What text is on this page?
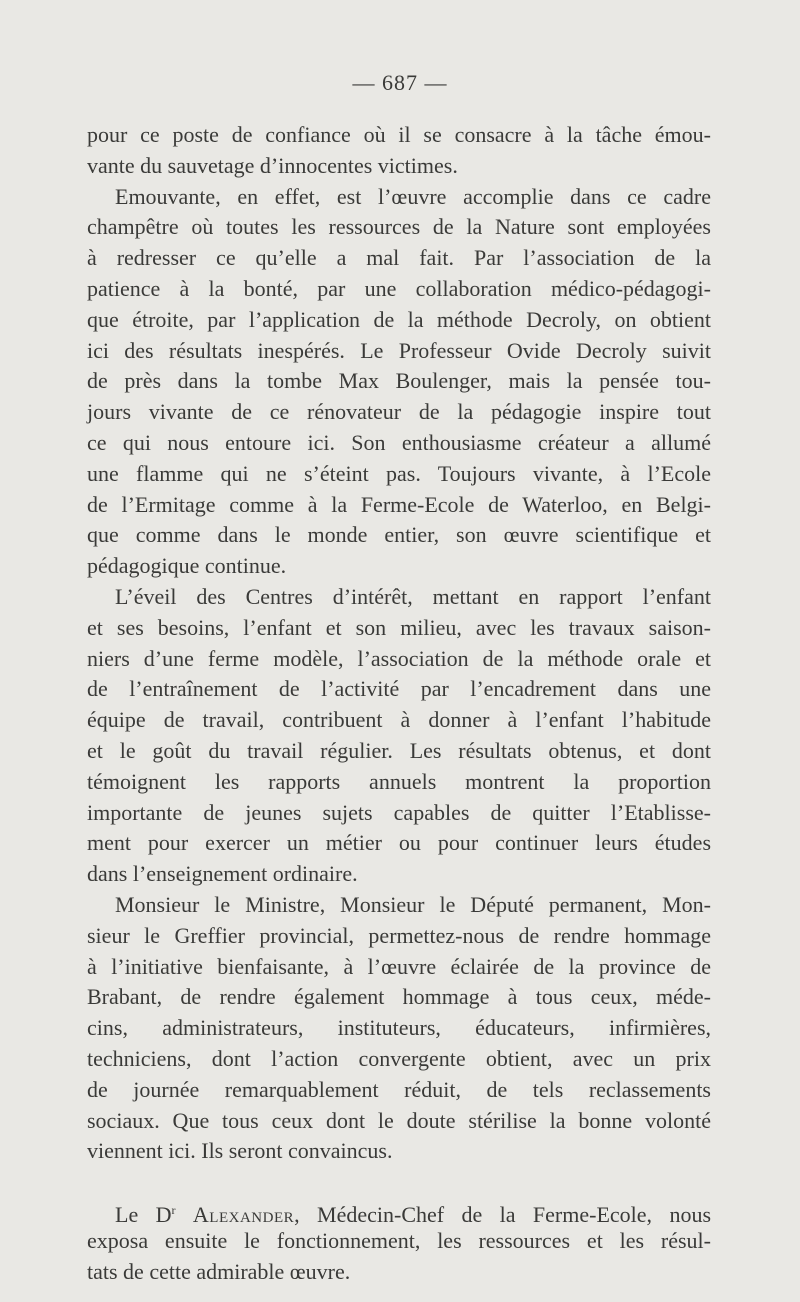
— 687 —
pour ce poste de confiance où il se consacre à la tâche émou-
vante du sauvetage d’innocentes victimes.
Emouvante, en effet, est l’œuvre accomplie dans ce cadre
champêtre où toutes les ressources de la Nature sont employées
à redresser ce qu’elle a mal fait. Par l’association de la
patience à la bonté, par une collaboration médico-pédagogi-
que étroite, par l’application de la méthode Decroly, on obtient
ici des résultats inespérés. Le Professeur Ovide Decroly suivit
de près dans la tombe Max Boulenger, mais la pensée tou-
jours vivante de ce rénovateur de la pédagogie inspire tout
ce qui nous entoure ici. Son enthousiasme créateur a allumé
une flamme qui ne s’éteint pas. Toujours vivante, à l’Ecole
de l’Ermitage comme à la Ferme-Ecole de Waterloo, en Belgi-
que comme dans le monde entier, son œuvre scientifique et
pédagogique continue.
L’éveil des Centres d’intérêt, mettant en rapport l’enfant
et ses besoins, l’enfant et son milieu, avec les travaux saison-
niers d’une ferme modèle, l’association de la méthode orale et
de l’entraînement de l’activité par l’encadrement dans une
équipe de travail, contribuent à donner à l’enfant l’habitude
et le goût du travail régulier. Les résultats obtenus, et dont
témoignent les rapports annuels montrent la proportion
importante de jeunes sujets capables de quitter l’Etablisse-
ment pour exercer un métier ou pour continuer leurs études
dans l’enseignement ordinaire.
Monsieur le Ministre, Monsieur le Député permanent, Mon-
sieur le Greffier provincial, permettez-nous de rendre hommage
à l’initiative bienfaisante, à l’œuvre éclairée de la province de
Brabant, de rendre également hommage à tous ceux, méde-
cins, administrateurs, instituteurs, éducateurs, infirmières,
techniciens, dont l’action convergente obtient, avec un prix
de journée remarquablement réduit, de tels reclassements
sociaux. Que tous ceux dont le doute stérilise la bonne volonté
viennent ici. Ils seront convaincus.
Le $D^r$ Alexander, Médecin-Chef de la Ferme-Ecole, nous
exposa ensuite le fonctionnement, les ressources et les résul-
tats de cette admirable œuvre.
